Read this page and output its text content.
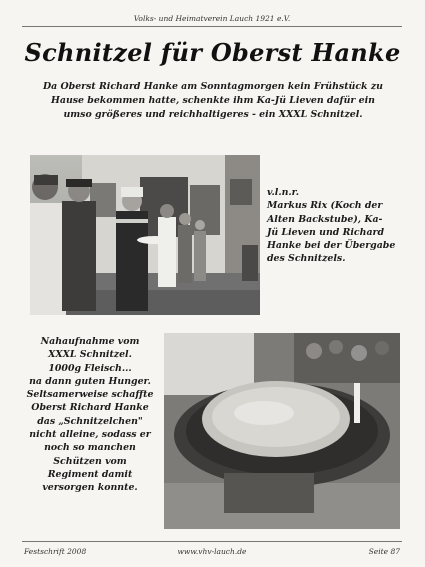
Volks- und Heimatverein Lauch 1921 e.V.
Schnitzel für Oberst Hanke
Da Oberst Richard Hanke am Sonntagmorgen kein Frühstück zu Hause bekommen hatte, schenkte ihm Ka-Jü Lieven dafür ein umso größeres und reichhaltigeres - ein XXXL Schnitzel.
v.l.n.r.
Markus Rix (Koch der
Alten Backstube), Ka-
Jü Lieven und Richard
Hanke bei der Übergabe
des Schnitzels.
Nahaufnahme vom
XXXL Schnitzel.
1000g Fleisch...
na dann guten Hunger.
Seltsamerweise schaffte
Oberst Richard Hanke
das „Schnitzelchen"
nicht alleine, sodass er
noch so manchen
Schützen vom
Regiment damit
versorgen konnte.
Festschrift 2008	www.vhv-lauch.de	Seite 87
